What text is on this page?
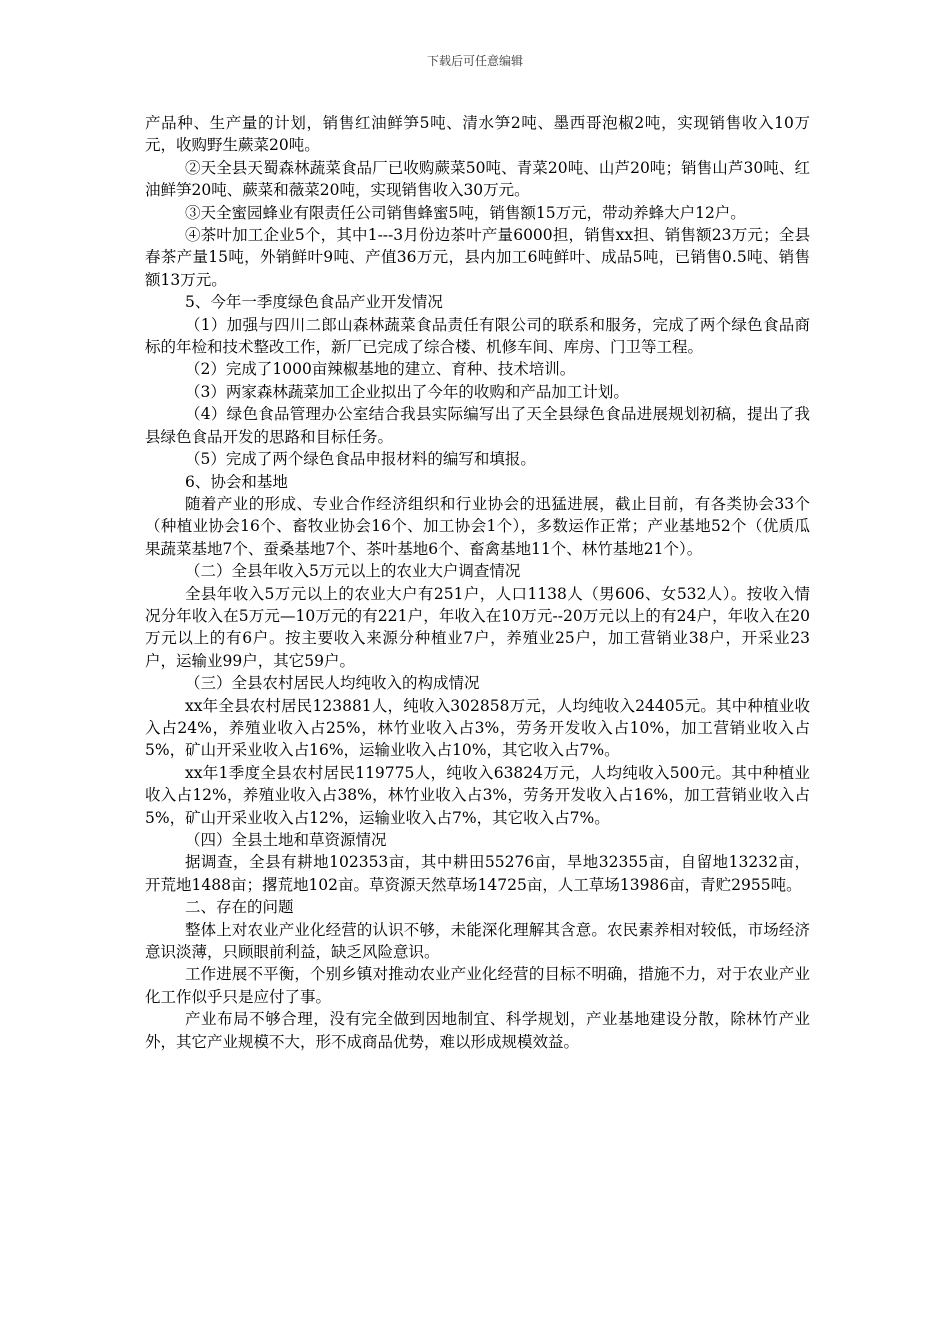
下载后可任意编辑

产品种、生产量的计划，销售红油鲜笋5吨、清水笋2吨、墨西哥泡椒2吨，实现销售收入10万元，收购野生蕨菜20吨。

②天全县天蜀森林蔬菜食品厂已收购蕨菜50吨、青菜20吨、山芦20吨；销售山芦30吨、红油鲜笋20吨、蕨菜和薇菜20吨，实现销售收入30万元。

③天全蜜园蜂业有限责任公司销售蜂蜜5吨，销售额15万元，带动养蜂大户12户。

④茶叶加工企业5个，其中1---3月份边茶叶产量6000担，销售xx担、销售额23万元；全县春茶产量15吨，外销鲜叶9吨、产值36万元，县内加工6吨鲜叶、成品5吨，已销售0.5吨、销售额13万元。

5、今年一季度绿色食品产业开发情况

（1）加强与四川二郎山森林蔬菜食品责任有限公司的联系和服务，完成了两个绿色食品商标的年检和技术整改工作，新厂已完成了综合楼、机修车间、库房、门卫等工程。

（2）完成了1000亩辣椒基地的建立、育种、技术培训。

（3）两家森林蔬菜加工企业拟出了今年的收购和产品加工计划。

（4）绿色食品管理办公室结合我县实际编写出了天全县绿色食品进展规划初稿，提出了我县绿色食品开发的思路和目标任务。

（5）完成了两个绿色食品申报材料的编写和填报。

6、协会和基地

随着产业的形成、专业合作经济组织和行业协会的迅猛进展，截止目前，有各类协会33个（种植业协会16个、畜牧业协会16个、加工协会1个），多数运作正常；产业基地52个（优质瓜果蔬菜基地7个、蚕桑基地7个、茶叶基地6个、畜禽基地11个、林竹基地21个）。

（二）全县年收入5万元以上的农业大户调查情况

全县年收入5万元以上的农业大户有251户，人口1138人（男606、女532人）。按收入情况分年收入在5万元—10万元的有221户，年收入在10万元--20万元以上的有24户，年收入在20万元以上的有6户。按主要收入来源分种植业7户，养殖业25户，加工营销业38户，开采业23户，运输业99户，其它59户。

（三）全县农村居民人均纯收入的构成情况

xx年全县农村居民123881人，纯收入302858万元，人均纯收入24405元。其中种植业收入占24%，养殖业收入占25%，林竹业收入占3%，劳务开发收入占10%，加工营销业收入占5%，矿山开采业收入占16%，运输业收入占10%，其它收入占7%。

xx年1季度全县农村居民119775人，纯收入63824万元，人均纯收入500元。其中种植业收入占12%，养殖业收入占38%，林竹业收入占3%，劳务开发收入占16%，加工营销业收入占5%，矿山开采业收入占12%，运输业收入占7%，其它收入占7%。

（四）全县土地和草资源情况

据调查，全县有耕地102353亩，其中耕田55276亩，旱地32355亩，自留地13232亩，开荒地1488亩；撂荒地102亩。草资源天然草场14725亩，人工草场13986亩，青贮2955吨。

二、存在的问题

整体上对农业产业化经营的认识不够，未能深化理解其含意。农民素养相对较低，市场经济意识淡薄，只顾眼前利益，缺乏风险意识。

工作进展不平衡，个别乡镇对推动农业产业化经营的目标不明确，措施不力，对于农业产业化工作似乎只是应付了事。

产业布局不够合理，没有完全做到因地制宜、科学规划，产业基地建设分散，除林竹产业外，其它产业规模不大，形不成商品优势，难以形成规模效益。
